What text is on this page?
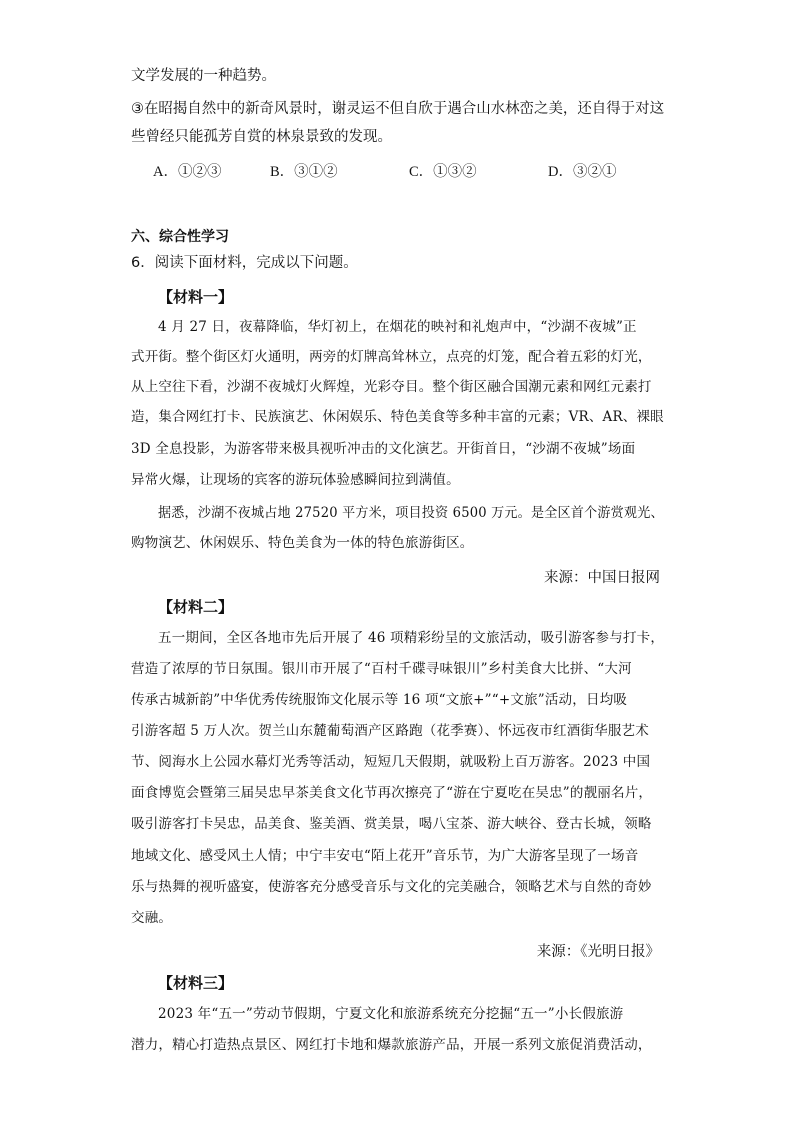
文学发展的一种趋势。
③在昭揭自然中的新奇风景时，谢灵运不但自欣于遇合山水林峦之美，还自得于对这
些曾经只能孤芳自赏的林泉景致的发现。
A．①②③	B．③①②	C．①③②	D．③②①
六、综合性学习
6．阅读下面材料，完成以下问题。
【材料一】
4 月 27 日，夜幕降临，华灯初上，在烟花的映衬和礼炮声中，“沙湖不夜城”正
式开街。整个街区灯火通明，两旁的灯牌高耸林立，点亮的灯笼，配合着五彩的灯光，
从上空往下看，沙湖不夜城灯火辉煌，光彩夺目。整个街区融合国潮元素和网红元素打
造，集合网红打卡、民族演艺、休闲娱乐、特色美食等多种丰富的元素；VR、AR、裸眼
3D 全息投影，为游客带来极具视听冲击的文化演艺。开街首日，“沙湖不夜城”场面
异常火爆，让现场的宾客的游玩体验感瞬间拉到满值。
据悉，沙湖不夜城占地 27520 平方米，项目投资 6500 万元。是全区首个游赏观光、
购物演艺、休闲娱乐、特色美食为一体的特色旅游街区。
来源：中国日报网
【材料二】
五一期间，全区各地市先后开展了 46 项精彩纷呈的文旅活动，吸引游客参与打卡，
营造了浓厚的节日氛围。银川市开展了“百村千碟寻味银川”乡村美食大比拼、“大河
传承古城新韵”中华优秀传统服饰文化展示等 16 项“文旅+”“+文旅”活动，日均吸
引游客超 5 万人次。贺兰山东麓葡萄酒产区路跑（花季赛）、怀远夜市红酒街华服艺术
节、阅海水上公园水幕灯光秀等活动，短短几天假期，就吸粉上百万游客。2023 中国
面食博览会暨第三届吴忠早茶美食文化节再次擦亮了“游在宁夏吃在吴忠”的靓丽名片，
吸引游客打卡吴忠，品美食、鉴美酒、赏美景，喝八宝茶、游大峡谷、登古长城，领略
地域文化、感受风土人情；中宁丰安屯“陌上花开”音乐节，为广大游客呈现了一场音
乐与热舞的视听盛宴，使游客充分感受音乐与文化的完美融合，领略艺术与自然的奇妙
交融。
来源：《光明日报》
【材料三】
2023 年“五一”劳动节假期，宁夏文化和旅游系统充分挖掘“五一”小长假旅游
潜力，精心打造热点景区、网红打卡地和爆款旅游产品，开展一系列文旅促消费活动，
